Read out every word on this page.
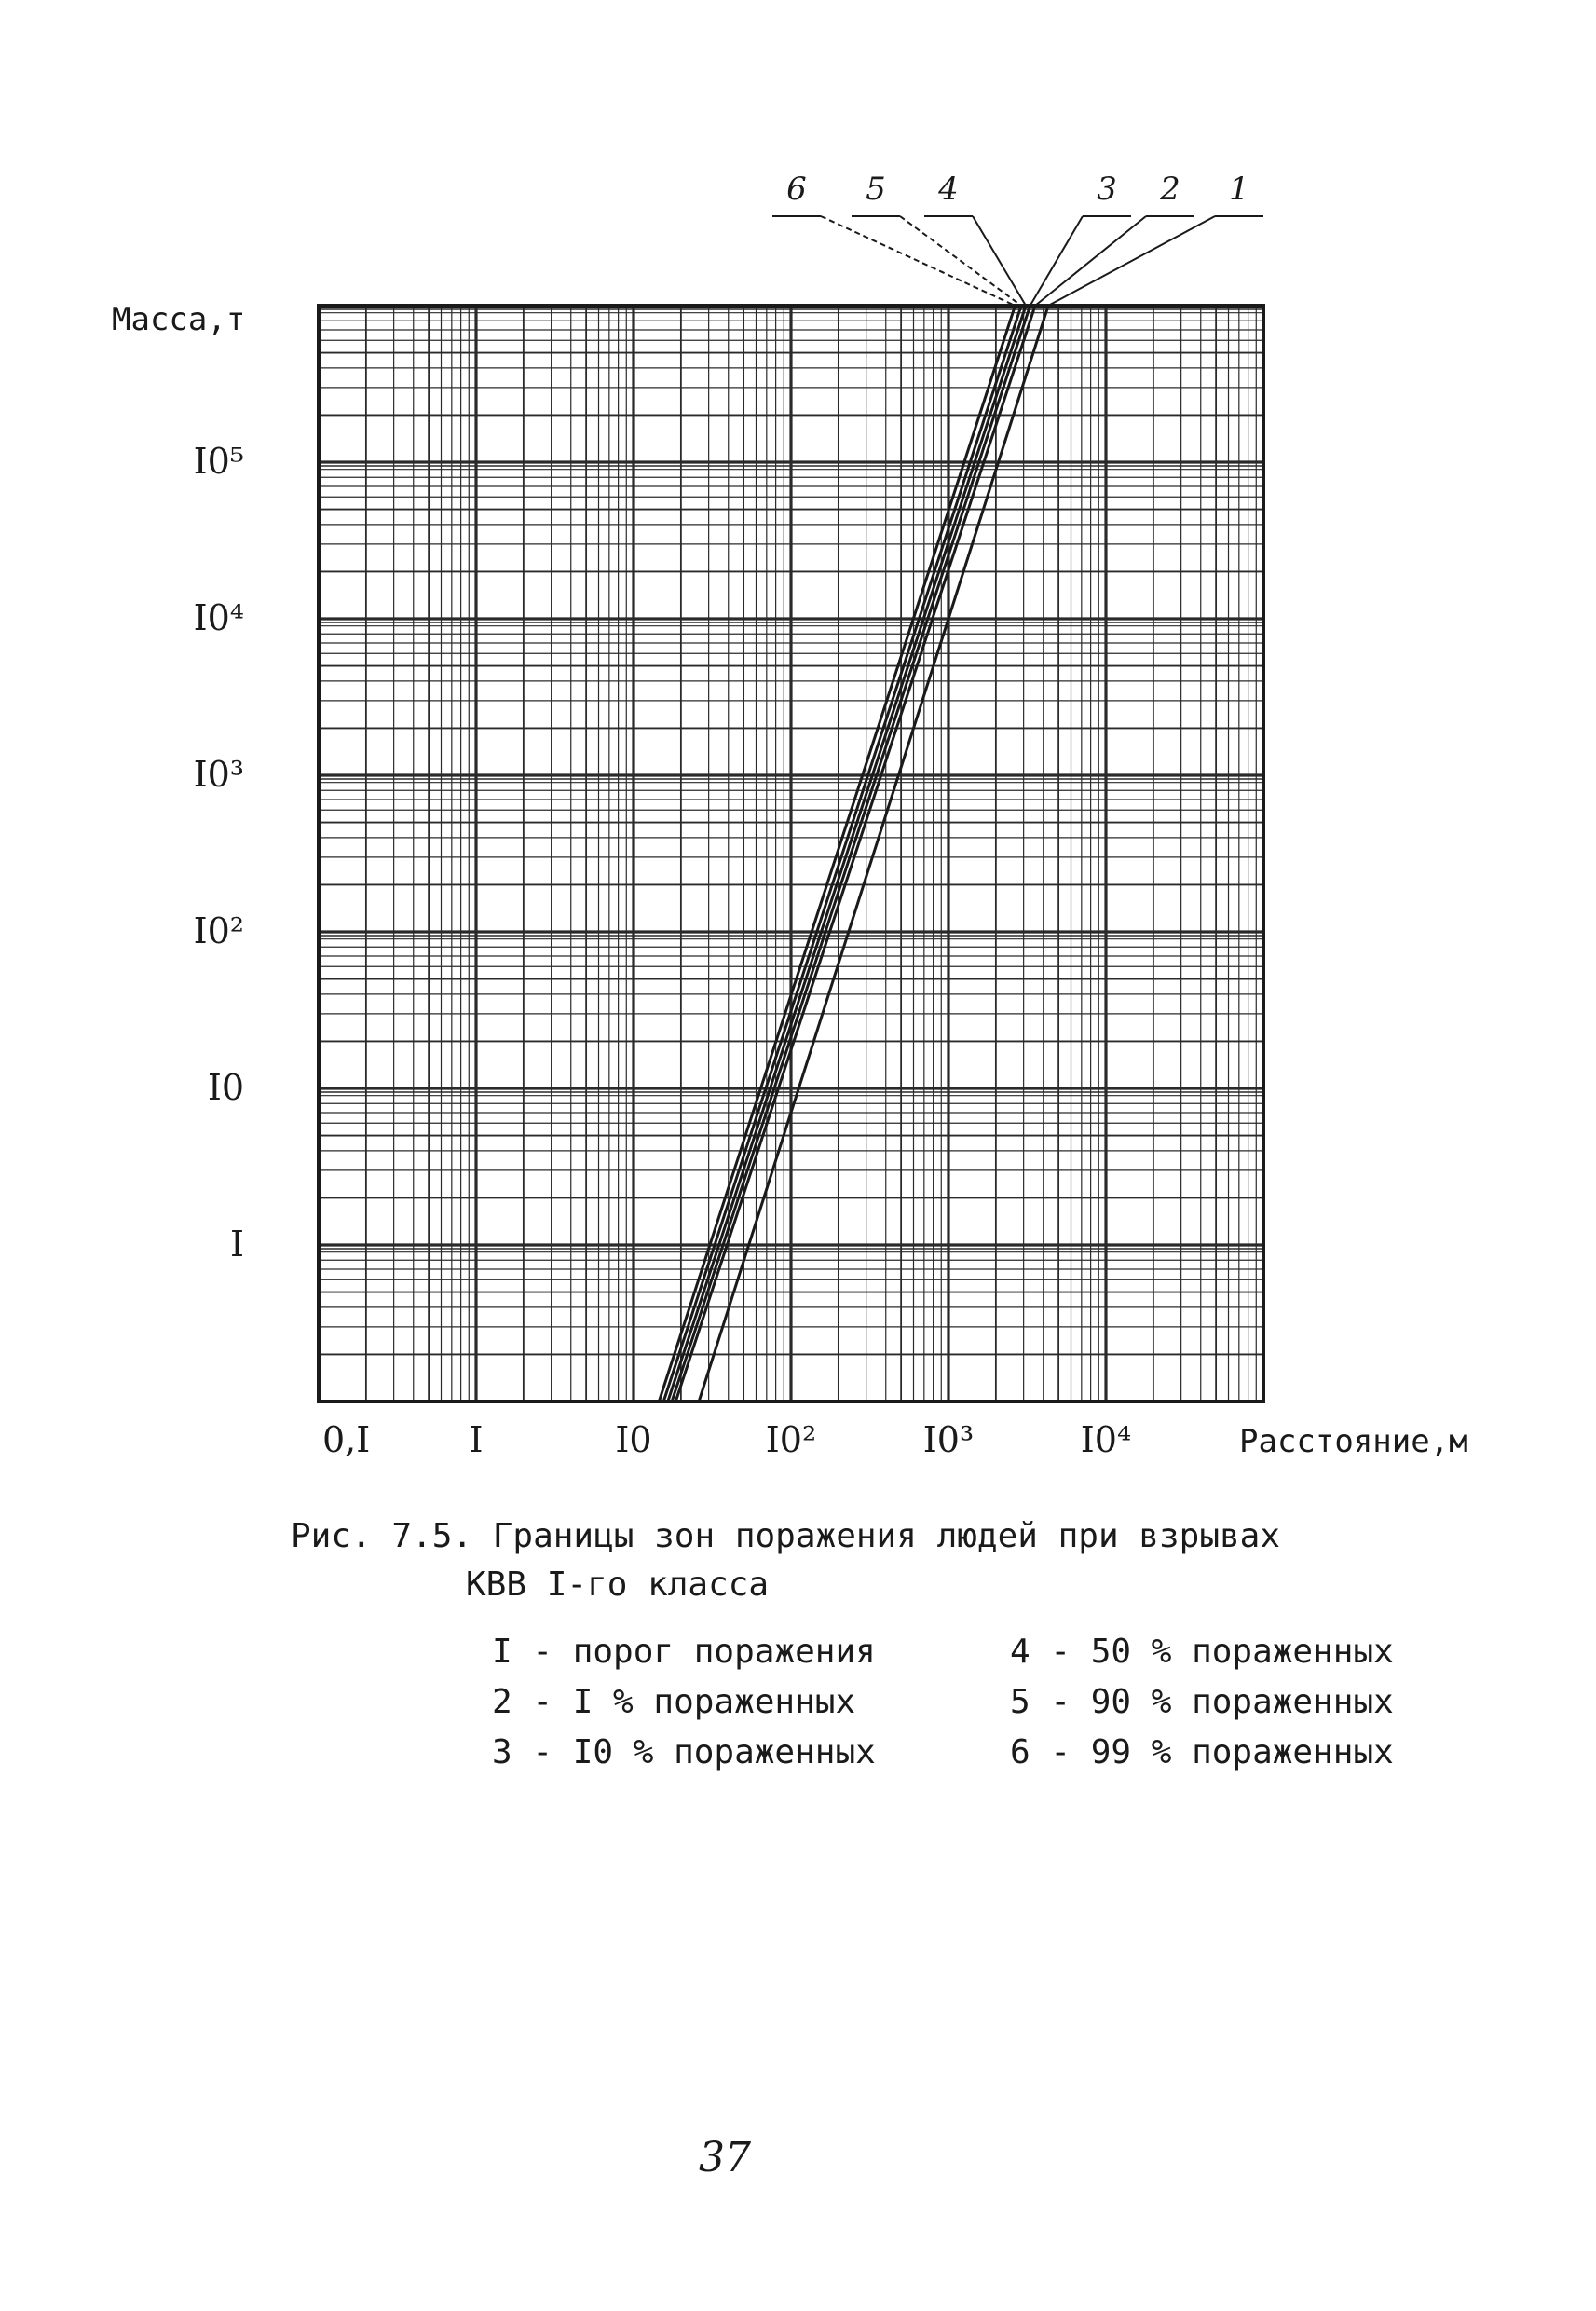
1
2
3
4
5
6
0,I	I	I0	I0²	I0³	I0⁴
I
I0
I0²
I0³
I0⁴
I0⁵
Масса,т
Расстояние,м
Рис. 7.5. Границы зон поражения людей при взрывах
КВВ I-го класса
I - порог поражения
2 - I % пораженных
3 - I0 % пораженных
4 - 50 % пораженных
5 - 90 % пораженных
6 - 99 % пораженных
37
